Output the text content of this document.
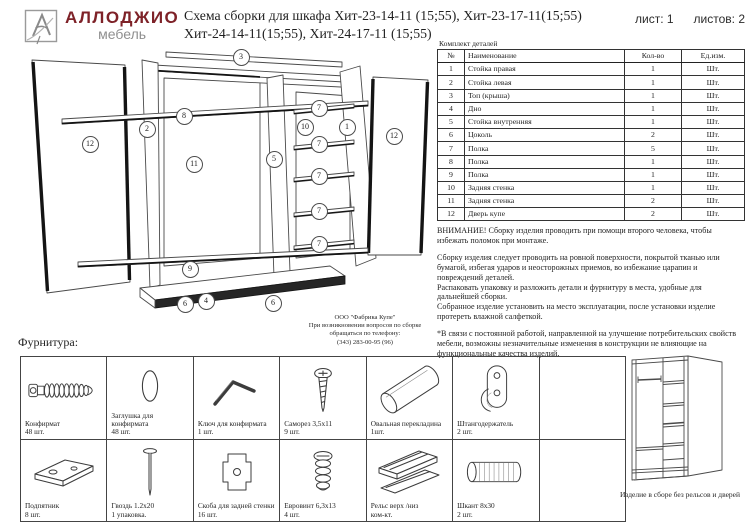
АЛЛОДЖИО
мебель
Схема сборки для шкафа Хит-23-14-11 (15;55), Хит-23-17-11(15;55)
Хит-24-14-11(15;55), Хит-24-17-11 (15;55)
лист: 1 листов: 2
Комплект деталей
№	Наименование	Кол-во	Ед.изм.
1	Стойка правая	1	Шт.
2	Стойка левая	1	Шт.
3	Топ (крыша)	1	Шт.
4	Дно	1	Шт.
5	Стойка внутренняя	1	Шт.
6	Цоколь	2	Шт.
7	Полка	5	Шт.
8	Полка	1	Шт.
9	Полка	1	Шт.
10	Задняя стенка	1	Шт.
11	Задняя стенка	2	Шт.
12	Дверь купе	2	Шт.

ВНИМАНИЕ! Сборку изделия проводить при помощи второго человека, чтобы избежать поломок при монтаже.

Сборку изделия следует проводить на ровной поверхности, покрытой тканью или бумагой, избегая ударов и неосторожных приемов, во избежание царапин и повреждений деталей.

Распаковать упаковку и разложить детали и фурнитуру в места, удобные для дальнейшей сборки.

Собранное изделие установить на место эксплуатации, после установки изделие протереть влажной салфеткой.

*В связи с постоянной работой, направленной на улучшение потребительских свойств мебели, возможны незначительные изменения в конструкции не влияющие на функциональные качества изделий.

12
2
8
11
3
5
10
7
7
7
7
7
1
12
9
6 4	6

ООО "Фабрика Купе"

При возникновении вопросов по сборке

обращаться по телефону:

(343) 283-00-95 (96)

Фурнитура:
Конфирмат
48 шт.
Заглушка для конфирмата
48 шт.
Ключ для конфирмата
1 шт.
Саморез 3,5х11
9 шт.
Овальная перекладина
1шт.
Штангодержатель
2 шт.
Подпятник
8 шт.
Гвоздь 1.2х20
1 упаковка.
Скоба для задней стенки
16 шт.
Евровинт 6,3х13
4 шт.
Рельс верх /низ
ком-кт.
Шкант 8х30
2 шт.
Изделие в сборе без рельсов и дверей
